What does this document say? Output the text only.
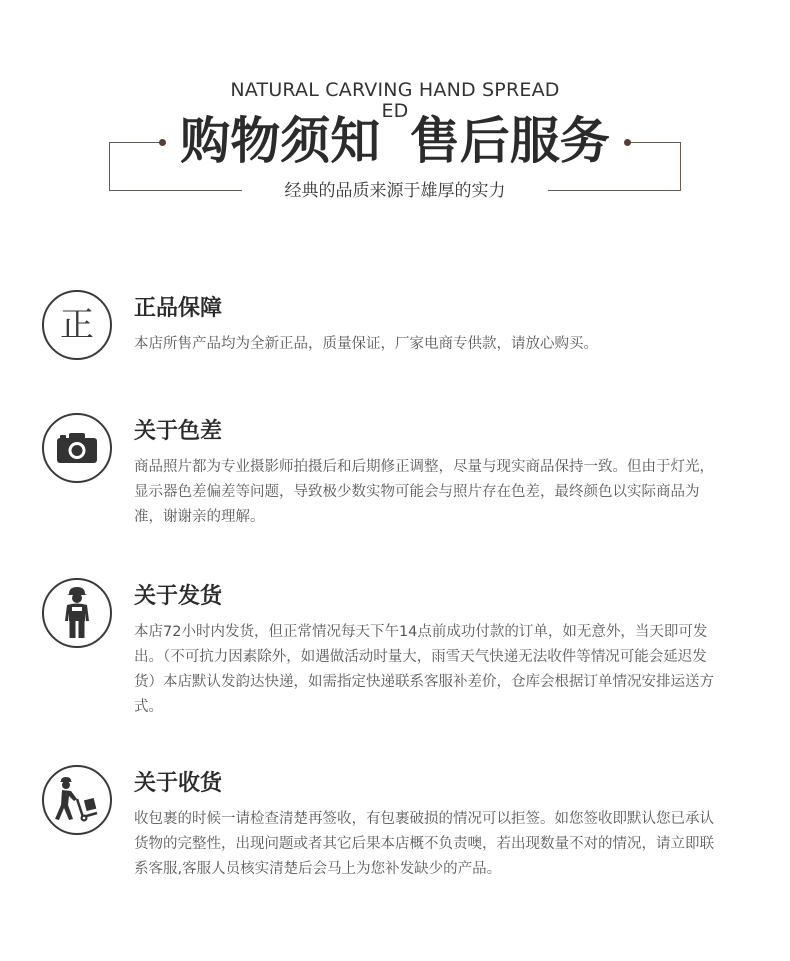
NATURAL CARVING HAND SPREADED
购物须知 售后服务
经典的品质来源于雄厚的实力
正 正品保障
本店所售产品均为全新正品，质量保证，厂家电商专供款，请放心购买。
关于色差
商品照片都为专业摄影师拍摄后和后期修正调整，尽量与现实商品保持一致。但由于灯光，显示器色差偏差等问题，导致极少数实物可能会与照片存在色差，最终颜色以实际商品为准，谢谢亲的理解。
关于发货
本店72小时内发货，但正常情况每天下午14点前成功付款的订单，如无意外，当天即可发出。（不可抗力因素除外，如遇做活动时量大，雨雪天气快递无法收件等情况可能会延迟发货）本店默认发韵达快递，如需指定快递联系客服补差价，仓库会根据订单情况安排运送方式。
关于收货
收包裹的时候一请检查清楚再签收，有包裹破损的情况可以拒签。如您签收即默认您已承认货物的完整性，出现问题或者其它后果本店概不负责噢，若出现数量不对的情况，请立即联系客服,客服人员核实清楚后会马上为您补发缺少的产品。
